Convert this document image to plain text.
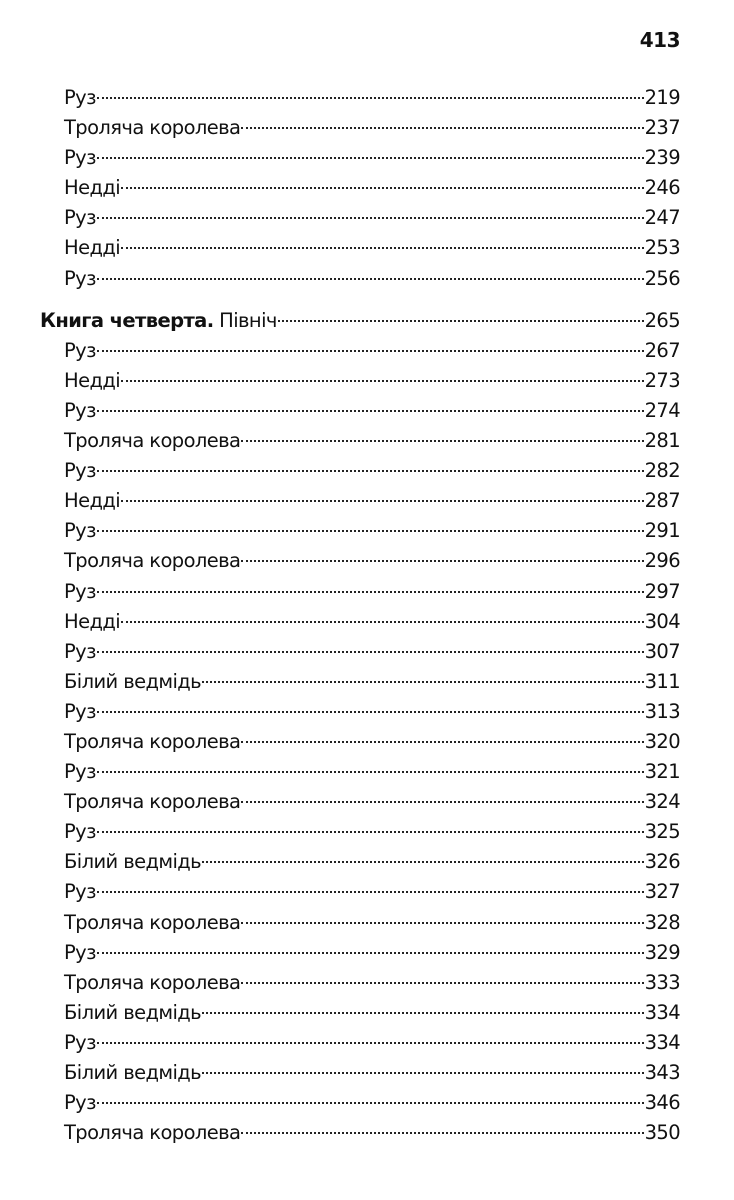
413
Руз	219
Троляча королева	237
Руз	239
Недді	246
Руз	247
Недді	253
Руз	256
Книга четверта. Північ	265
Руз	267
Недді	273
Руз	274
Троляча королева	281
Руз	282
Недді	287
Руз	291
Троляча королева	296
Руз	297
Недді	304
Руз	307
Білий ведмідь	311
Руз	313
Троляча королева	320
Руз	321
Троляча королева	324
Руз	325
Білий ведмідь	326
Руз	327
Троляча королева	328
Руз	329
Троляча королева	333
Білий ведмідь	334
Руз	334
Білий ведмідь	343
Руз	346
Троляча королева	350
